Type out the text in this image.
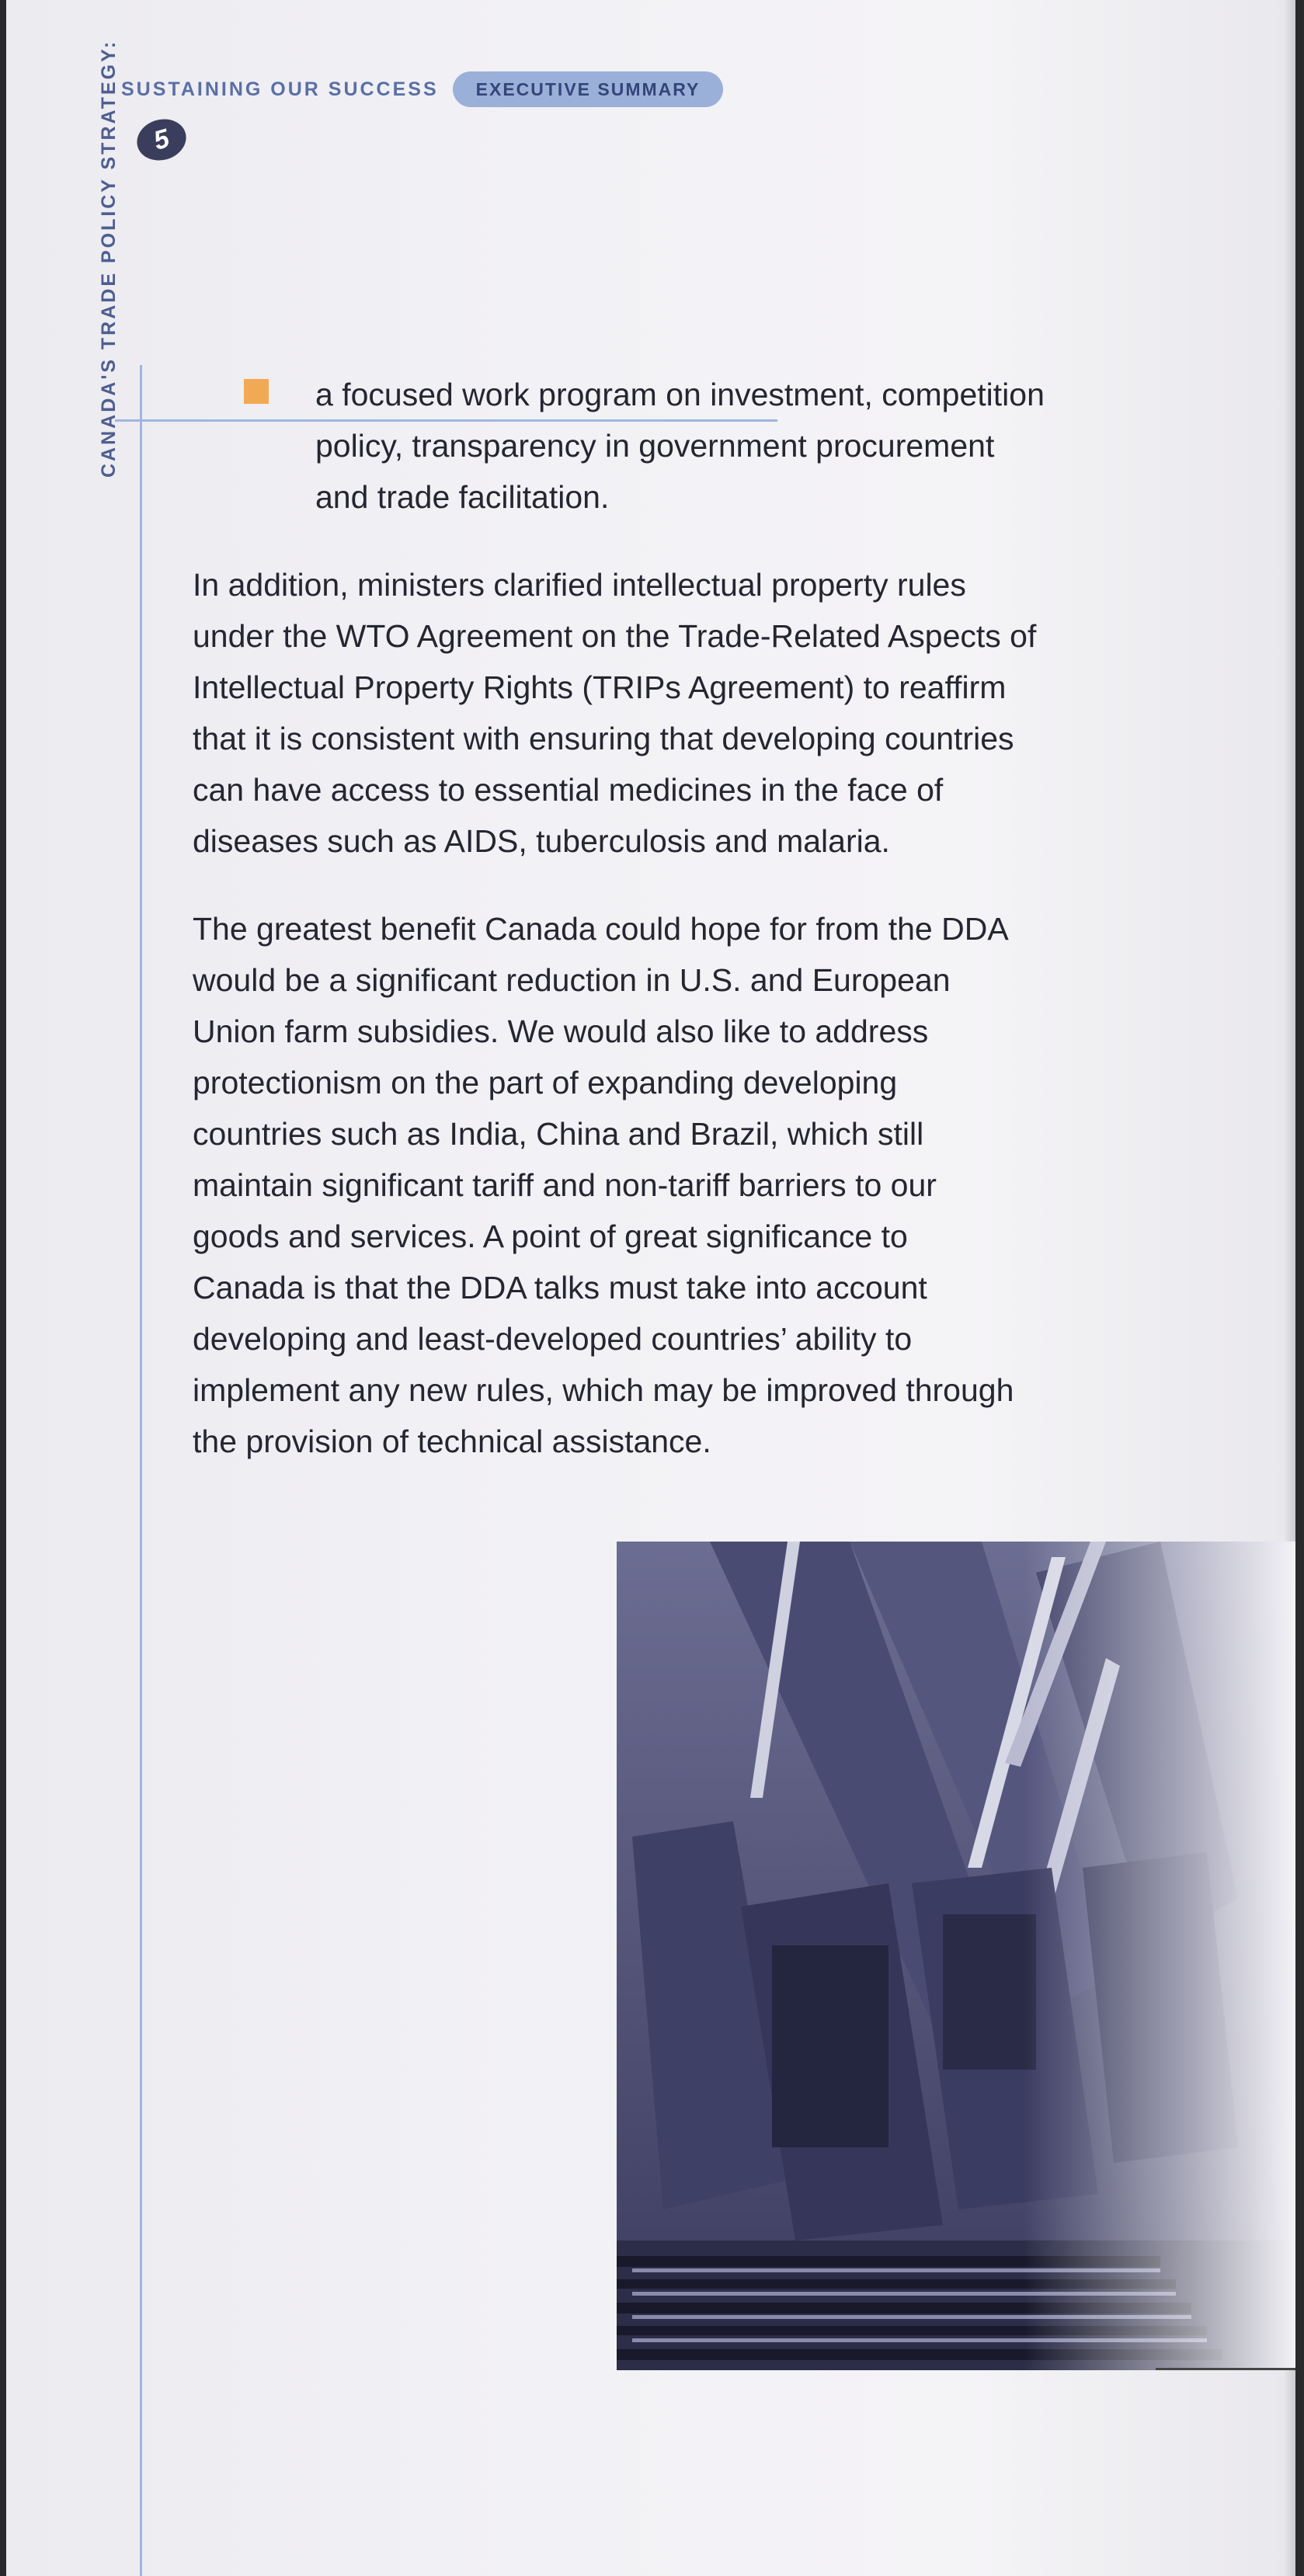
SUSTAINING OUR SUCCESS	EXECUTIVE SUMMARY
5
CANADA'S TRADE POLICY STRATEGY:	a focused work program on investment, competition
policy, transparency in government procurement
and trade facilitation.

In addition, ministers clarified intellectual property rules
under the WTO Agreement on the Trade-Related Aspects of
Intellectual Property Rights (TRIPs Agreement) to reaffirm
that it is consistent with ensuring that developing countries
can have access to essential medicines in the face of
diseases such as AIDS, tuberculosis and malaria.

The greatest benefit Canada could hope for from the DDA
would be a significant reduction in U.S. and European
Union farm subsidies. We would also like to address
protectionism on the part of expanding developing
countries such as India, China and Brazil, which still
maintain significant tariff and non-tariff barriers to our
goods and services. A point of great significance to
Canada is that the DDA talks must take into account
developing and least-developed countries’ ability to
implement any new rules, which may be improved through
the provision of technical assistance.
